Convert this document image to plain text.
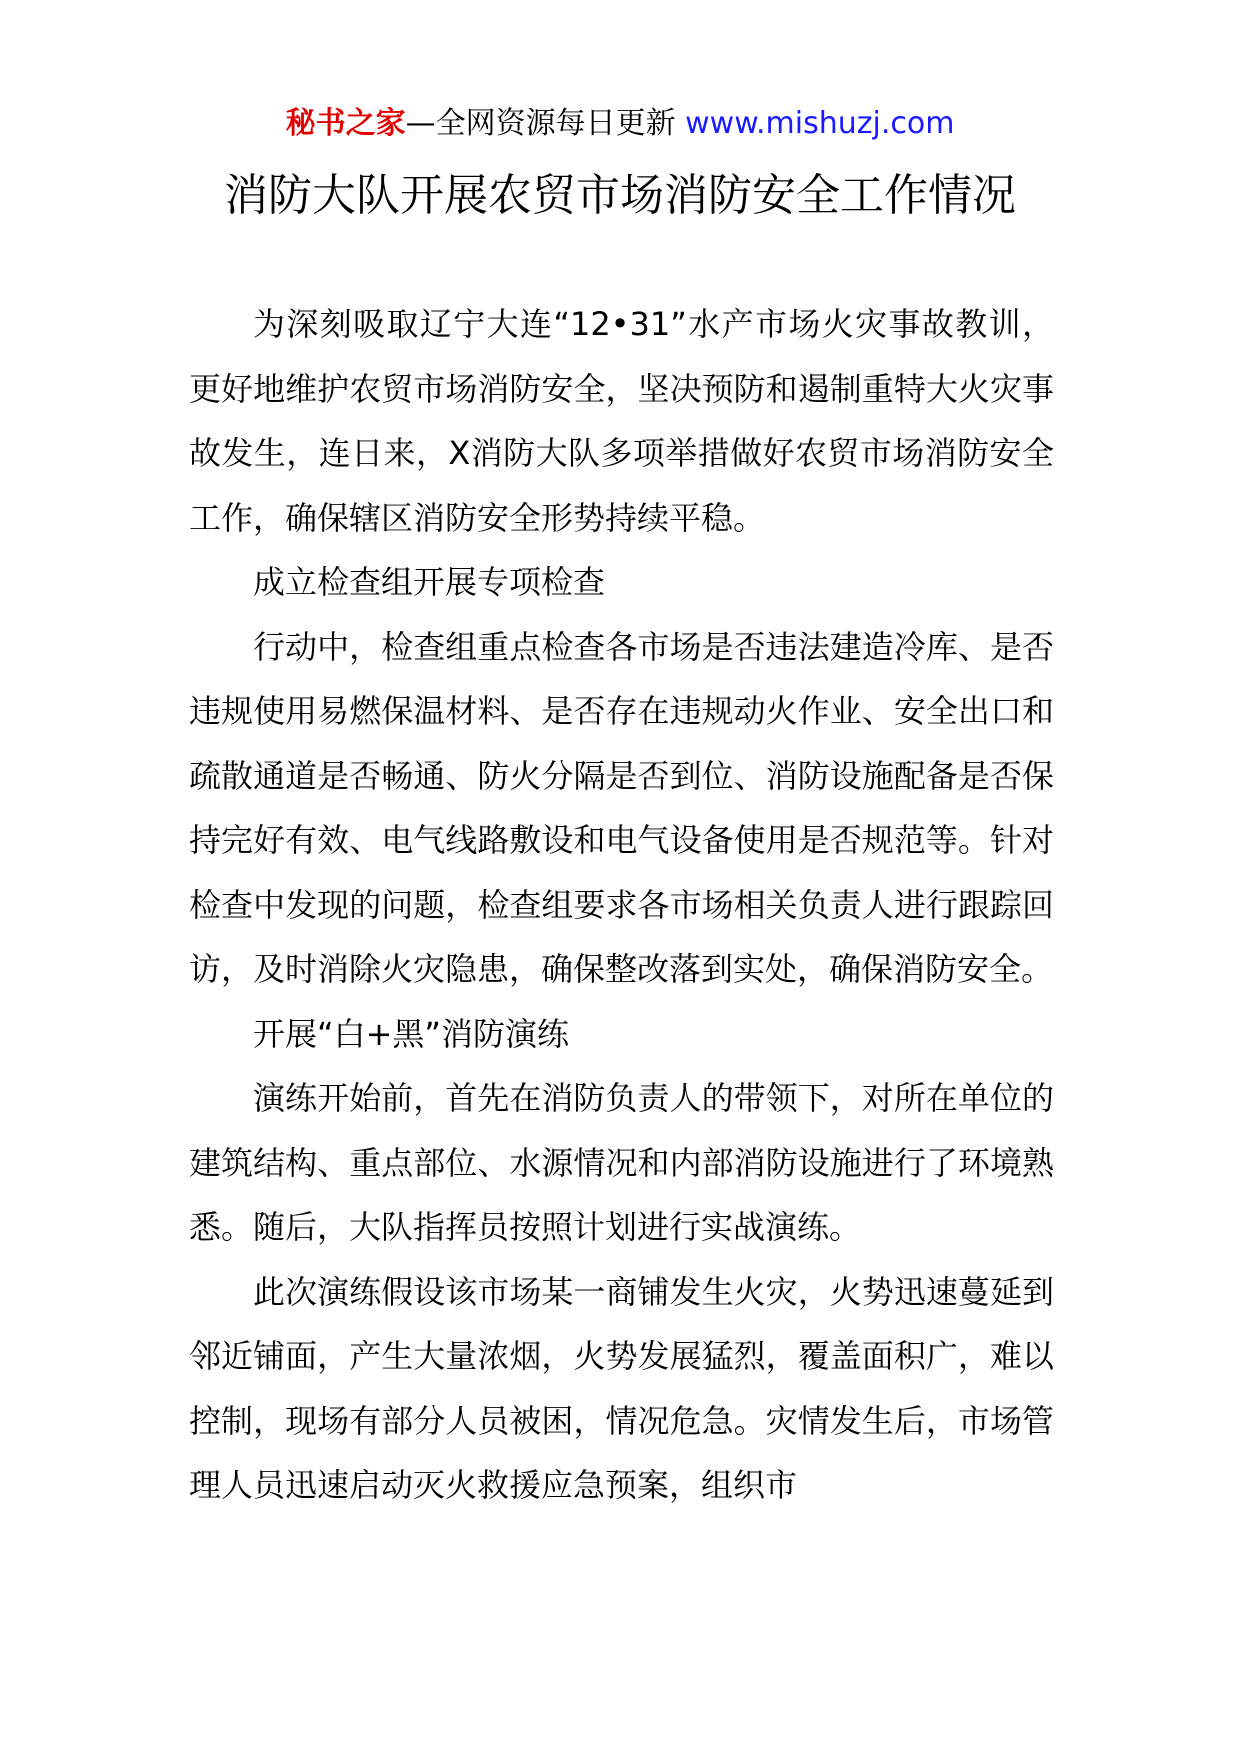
秘书之家—全网资源每日更新 www.mishuzj.com
消防大队开展农贸市场消防安全工作情况

为深刻吸取辽宁大连“12•31”水产市场火灾事故教训，更好地维护农贸市场消防安全，坚决预防和遏制重特大火灾事故发生，连日来，X消防大队多项举措做好农贸市场消防安全工作，确保辖区消防安全形势持续平稳。

成立检查组开展专项检查

行动中，检查组重点检查各市场是否违法建造冷库、是否违规使用易燃保温材料、是否存在违规动火作业、安全出口和疏散通道是否畅通、防火分隔是否到位、消防设施配备是否保持完好有效、电气线路敷设和电气设备使用是否规范等。针对检查中发现的问题，检查组要求各市场相关负责人进行跟踪回访，及时消除火灾隐患，确保整改落到实处，确保消防安全。

开展“白+黑”消防演练

演练开始前，首先在消防负责人的带领下，对所在单位的建筑结构、重点部位、水源情况和内部消防设施进行了环境熟悉。随后，大队指挥员按照计划进行实战演练。

此次演练假设该市场某一商铺发生火灾，火势迅速蔓延到邻近铺面，产生大量浓烟，火势发展猛烈，覆盖面积广，难以控制，现场有部分人员被困，情况危急。灾情发生后，市场管理人员迅速启动灭火救援应急预案，组织市
